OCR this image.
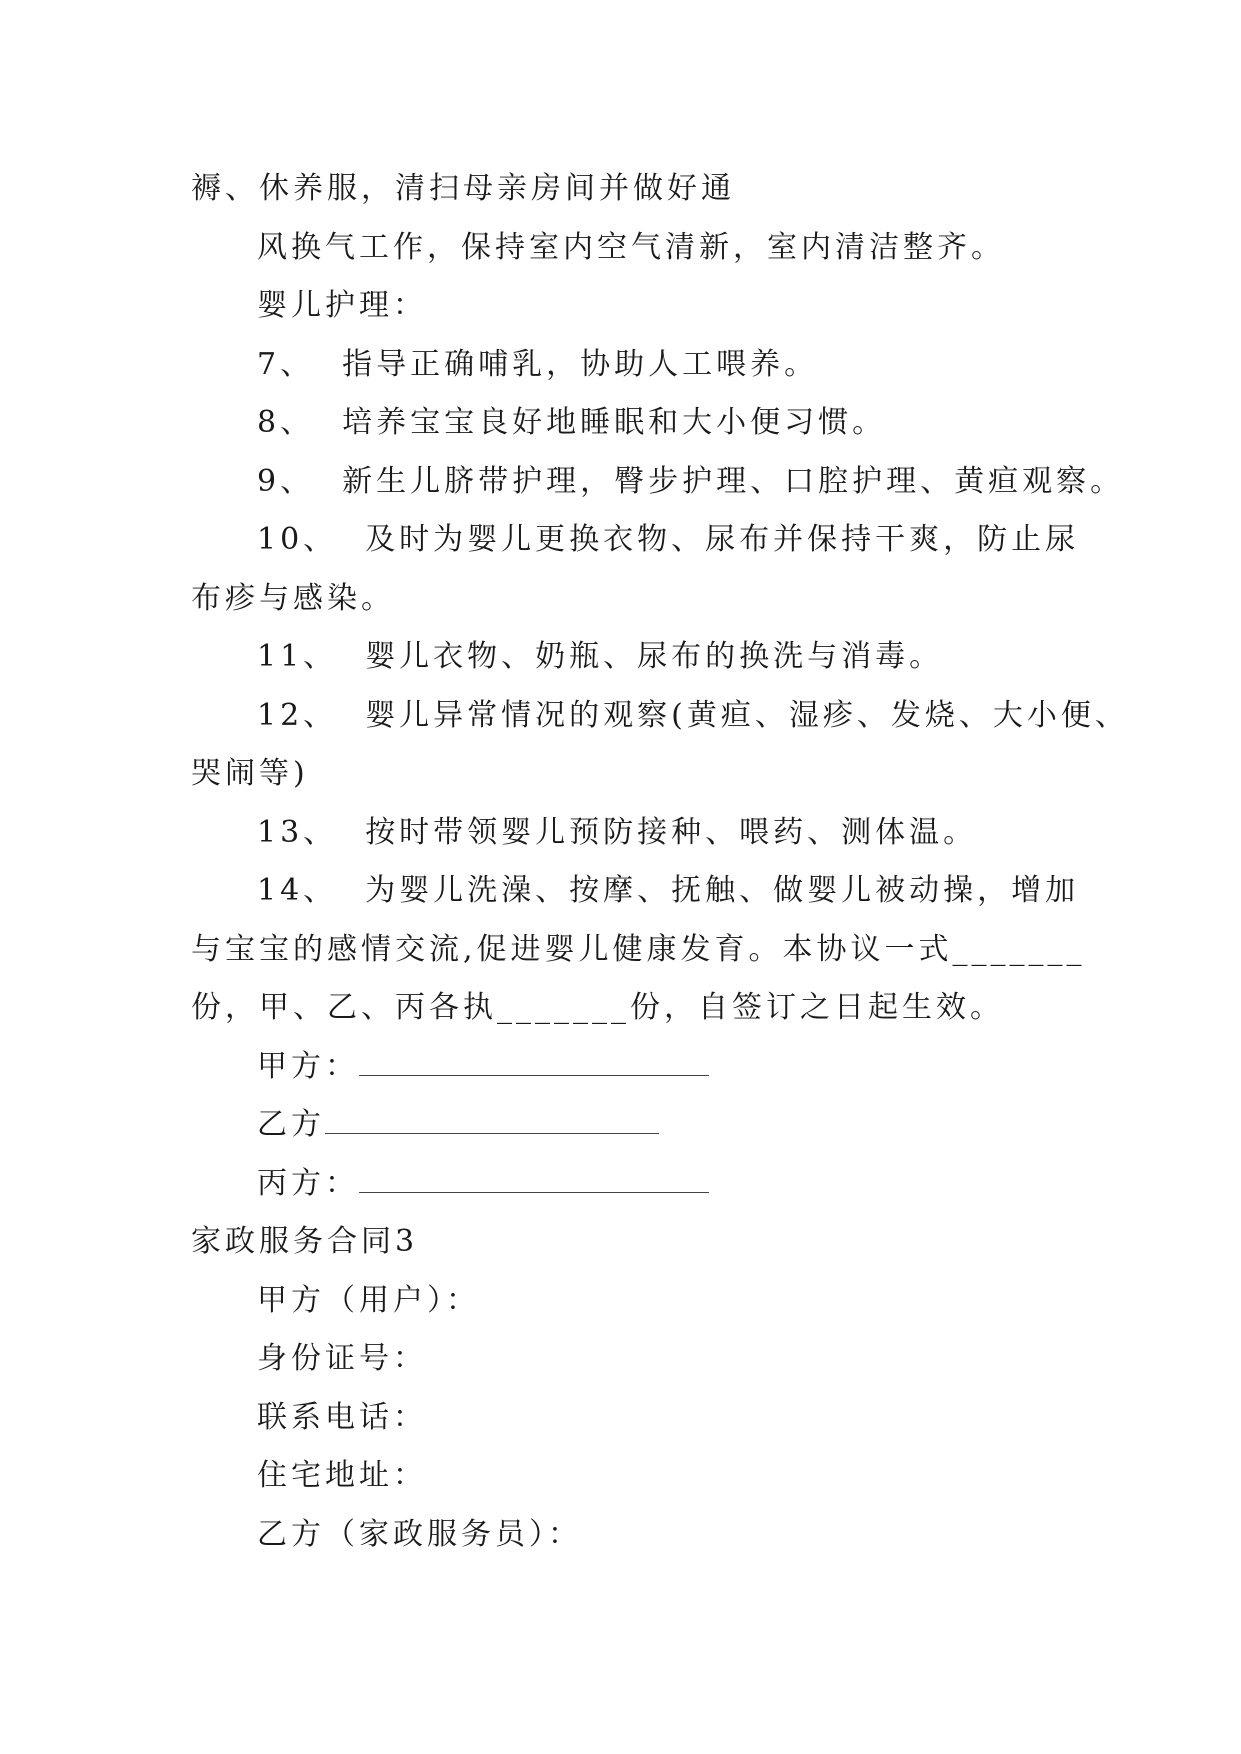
褥、休养服，清扫母亲房间并做好通
风换气工作，保持室内空气清新，室内清洁整齐。
婴儿护理：
7、 指导正确哺乳，协助人工喂养。
8、 培养宝宝良好地睡眠和大小便习惯。
9、 新生儿脐带护理，臀步护理、口腔护理、黄疸观察。
10、 及时为婴儿更换衣物、尿布并保持干爽，防止尿
布疹与感染。
11、 婴儿衣物、奶瓶、尿布的换洗与消毒。
12、 婴儿异常情况的观察(黄疸、湿疹、发烧、大小便、
哭闹等)
13、 按时带领婴儿预防接种、喂药、测体温。
14、 为婴儿洗澡、按摩、抚触、做婴儿被动操，增加
与宝宝的感情交流,促进婴儿健康发育。本协议一式_______
份，甲、乙、丙各执_______份，自签订之日起生效。
甲方：
乙方
丙方：
家政服务合同3
甲方（用户）：
身份证号：
联系电话：
住宅地址：
乙方（家政服务员）：
